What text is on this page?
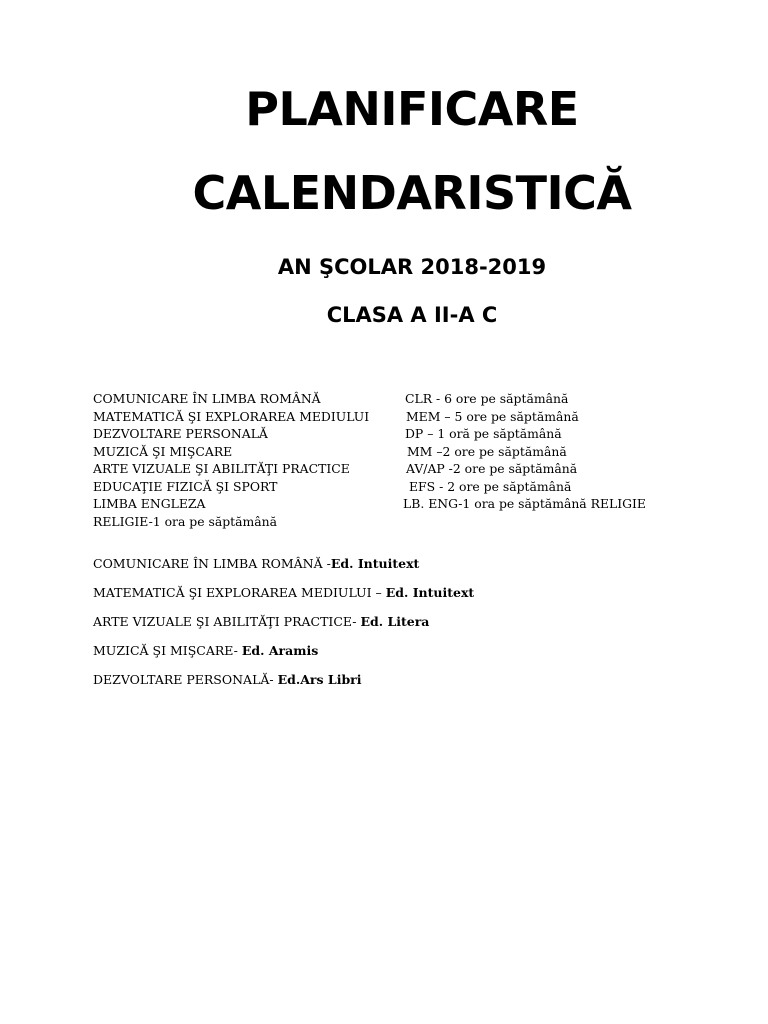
PLANIFICARE
CALENDARISTICĂ
AN ŞCOLAR 2018-2019
CLASA A II-A C
COMUNICARE ÎN LIMBA ROMÂNĂ	CLR - 6 ore pe săptămână
MATEMATICĂ ŞI EXPLORAREA MEDIULUI	MEM – 5 ore pe săptămână
DEZVOLTARE PERSONALĂ	DP – 1 oră pe săptămână
MUZICĂ ŞI MIŞCARE	MM –2 ore pe săptămână
ARTE VIZUALE ŞI ABILITĂŢI PRACTICE	AV/AP -2 ore pe săptămână
EDUCAŢIE FIZICĂ ŞI SPORT	EFS - 2 ore pe săptămână
LIMBA ENGLEZA	LB. ENG-1 ora pe săptămână RELIGIE
RELIGIE-1 ora pe săptămână
COMUNICARE ÎN LIMBA ROMÂNĂ -Ed. Intuitext
MATEMATICĂ ŞI EXPLORAREA MEDIULUI – Ed. Intuitext
ARTE VIZUALE ŞI ABILITĂŢI PRACTICE- Ed. Litera
MUZICĂ ŞI MIŞCARE- Ed. Aramis
DEZVOLTARE PERSONALĂ- Ed.Ars Libri
